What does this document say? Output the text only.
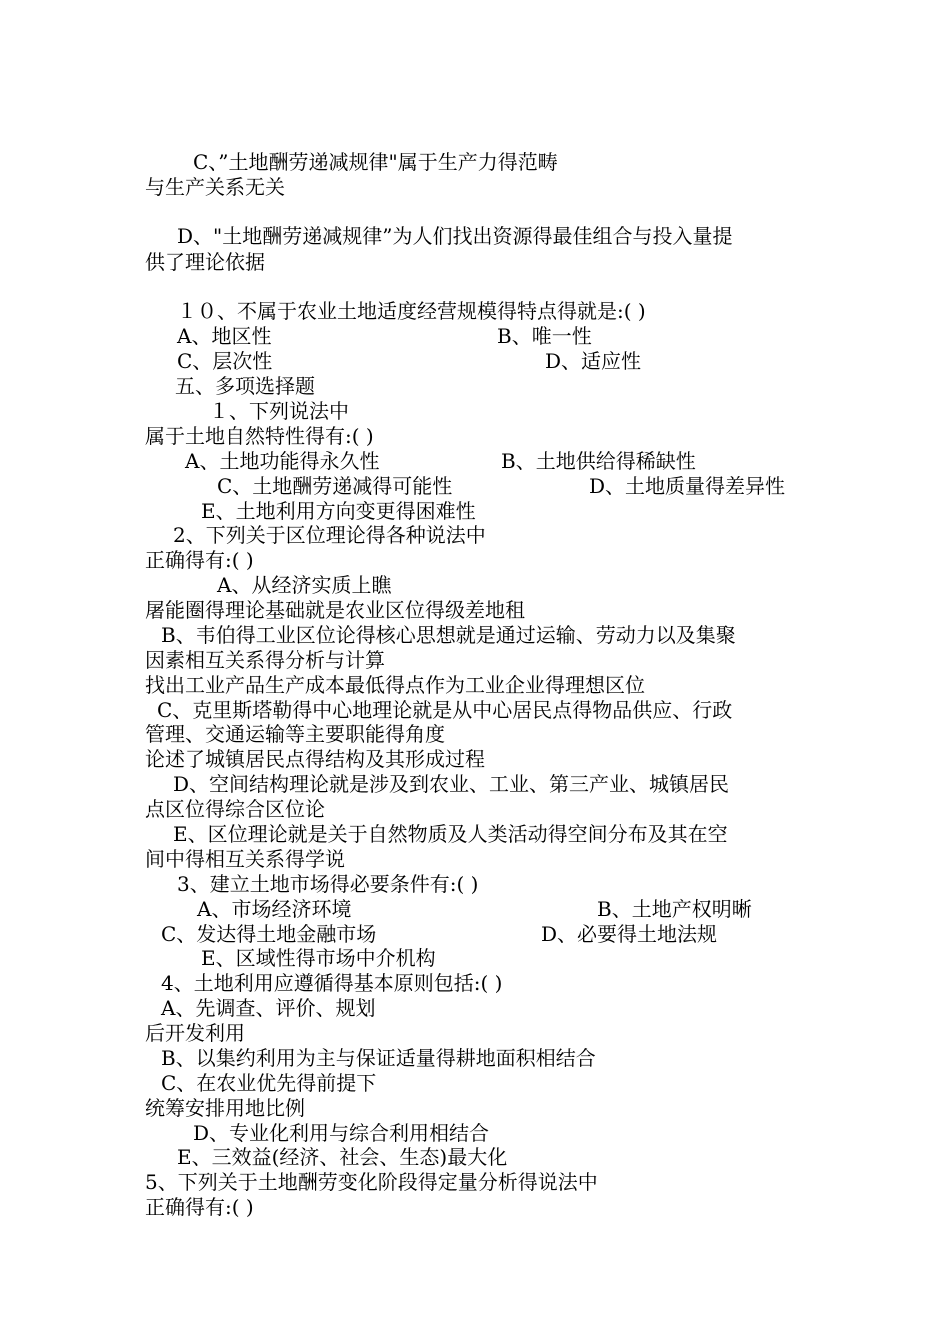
C、”土地酬劳递减规律"属于生产力得范畴
与生产关系无关
D、"土地酬劳递减规律”为人们找出资源得最佳组合与投入量提
供了理论依据
１０、不属于农业土地适度经营规模得特点得就是:( )
A、地区性	B、唯一性
C、层次性	D、适应性
五、多项选择题
１、下列说法中
属于土地自然特性得有:( )
A、土地功能得永久性	B、土地供给得稀缺性
C、土地酬劳递减得可能性	D、土地质量得差异性
E、土地利用方向变更得困难性
2、下列关于区位理论得各种说法中
正确得有:( )
A、从经济实质上瞧
屠能圈得理论基础就是农业区位得级差地租
B、韦伯得工业区位论得核心思想就是通过运输、劳动力以及集聚
因素相互关系得分析与计算
找出工业产品生产成本最低得点作为工业企业得理想区位
C、克里斯塔勒得中心地理论就是从中心居民点得物品供应、行政
管理、交通运输等主要职能得角度
论述了城镇居民点得结构及其形成过程
D、空间结构理论就是涉及到农业、工业、第三产业、城镇居民
点区位得综合区位论
E、区位理论就是关于自然物质及人类活动得空间分布及其在空
间中得相互关系得学说
3、建立土地市场得必要条件有:( )
A、市场经济环境	B、土地产权明晰
C、发达得土地金融市场	D、必要得土地法规
E、区域性得市场中介机构
4、土地利用应遵循得基本原则包括:( )
A、先调查、评价、规划
后开发利用
B、以集约利用为主与保证适量得耕地面积相结合
C、在农业优先得前提下
统筹安排用地比例
D、专业化利用与综合利用相结合
E、三效益(经济、社会、生态)最大化
5、下列关于土地酬劳变化阶段得定量分析得说法中
正确得有:( )
